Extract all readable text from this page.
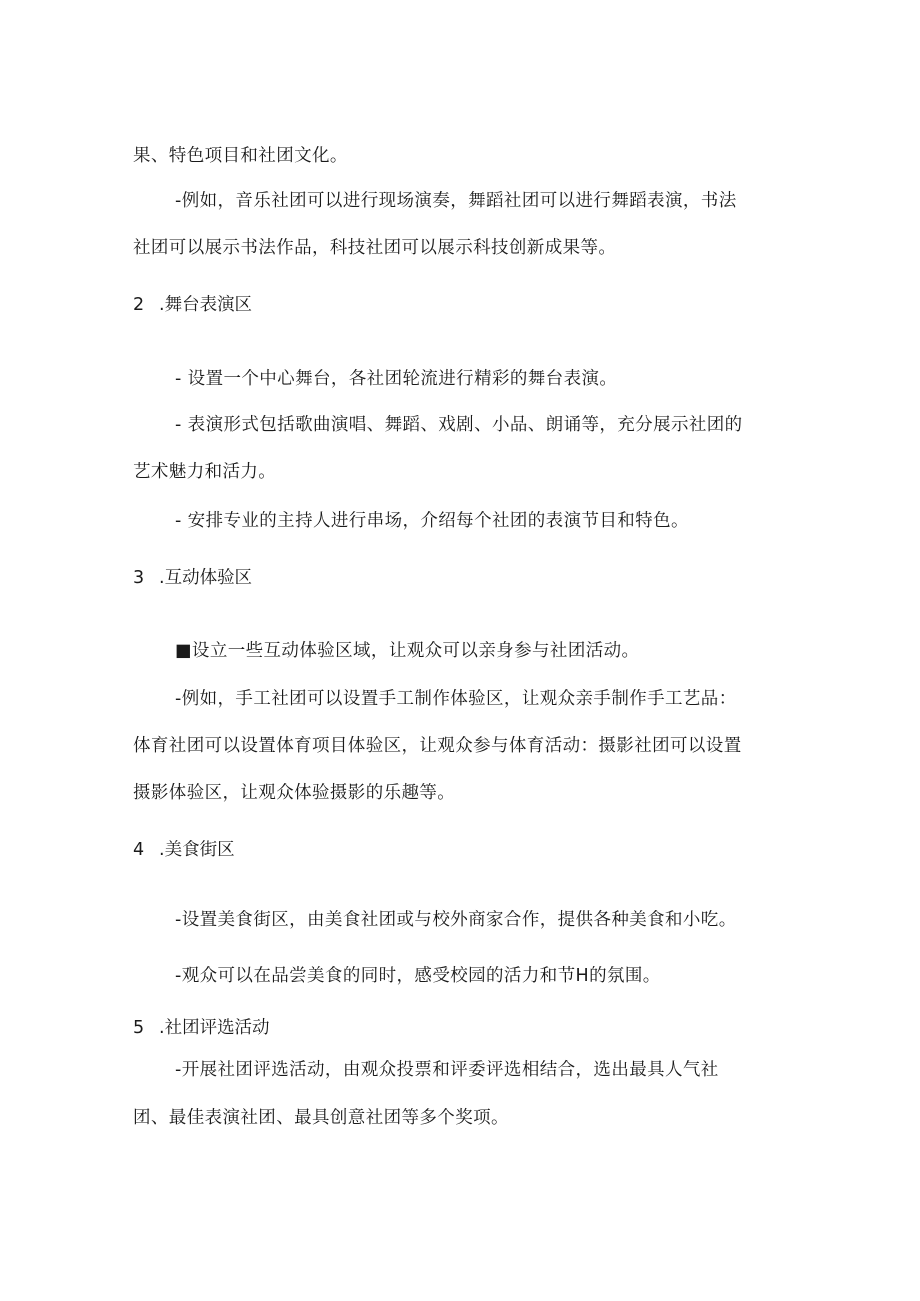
果、特色项目和社团文化。
-例如，音乐社团可以进行现场演奏，舞蹈社团可以进行舞蹈表演，书法
社团可以展示书法作品，科技社团可以展示科技创新成果等。
2 .舞台表演区
- 设置一个中心舞台，各社团轮流进行精彩的舞台表演。
- 表演形式包括歌曲演唱、舞蹈、戏剧、小品、朗诵等，充分展示社团的
艺术魅力和活力。
- 安排专业的主持人进行串场，介绍每个社团的表演节目和特色。
3 .互动体验区
■设立一些互动体验区域，让观众可以亲身参与社团活动。
-例如，手工社团可以设置手工制作体验区，让观众亲手制作手工艺品：
体育社团可以设置体育项目体验区，让观众参与体育活动：摄影社团可以设置
摄影体验区，让观众体验摄影的乐趣等。
4 .美食街区
-设置美食街区，由美食社团或与校外商家合作，提供各种美食和小吃。
-观众可以在品尝美食的同时，感受校园的活力和节H的氛围。
5 .社团评选活动
-开展社团评选活动，由观众投票和评委评选相结合，选出最具人气社
团、最佳表演社团、最具创意社团等多个奖项。
